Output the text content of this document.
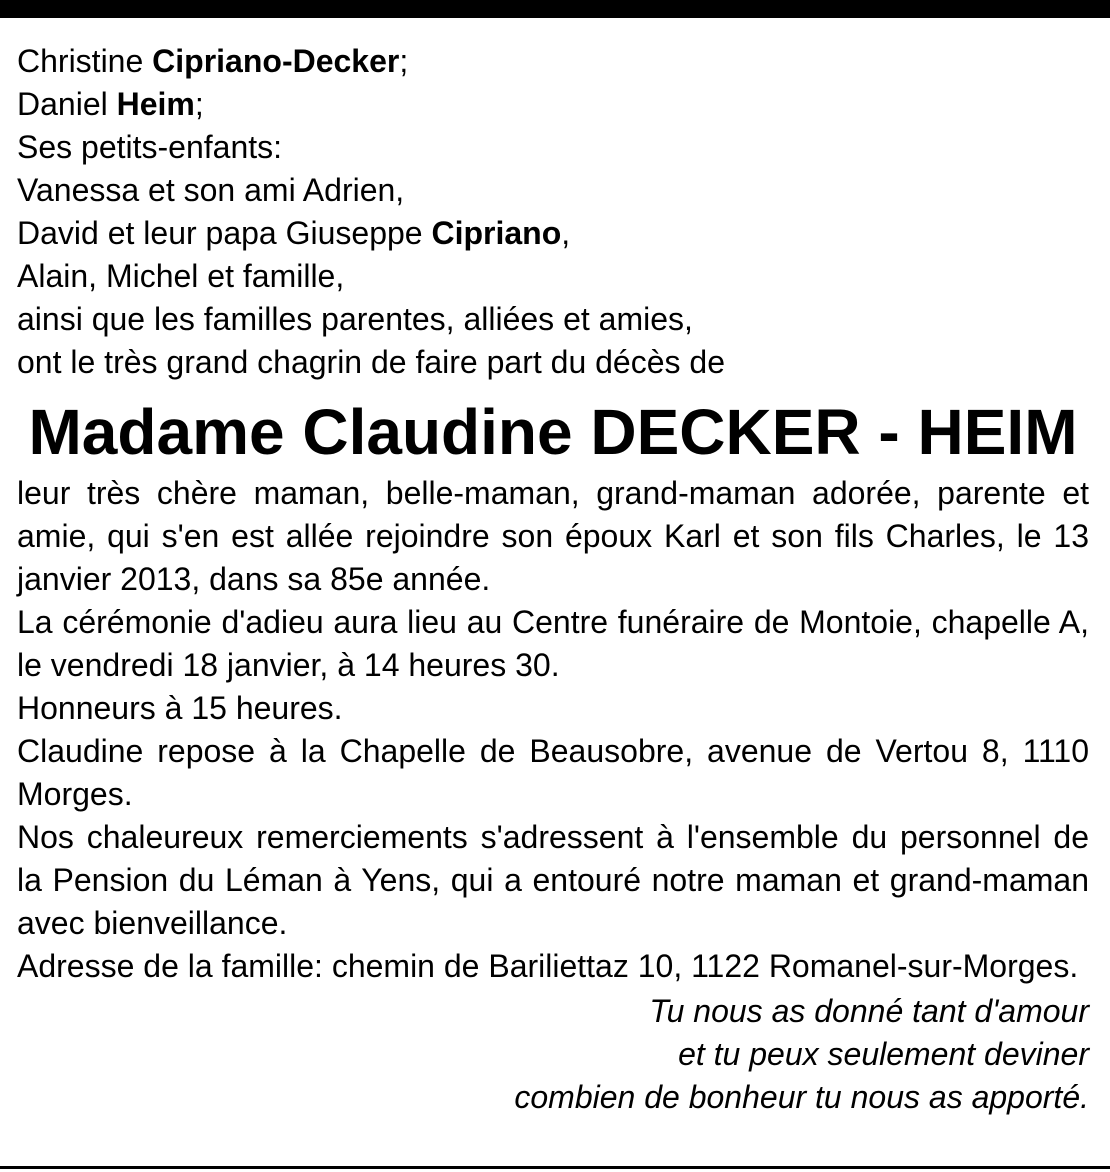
Christine Cipriano-Decker;
Daniel Heim;
Ses petits-enfants:
Vanessa et son ami Adrien,
David et leur papa Giuseppe Cipriano,
Alain, Michel et famille,
ainsi que les familles parentes, alliées et amies,
ont le très grand chagrin de faire part du décès de
Madame Claudine DECKER - HEIM

leur très chère maman, belle-maman, grand-maman adorée, parente et amie, qui s'en est allée rejoindre son époux Karl et son fils Charles, le 13 janvier 2013, dans sa 85e année.

La cérémonie d'adieu aura lieu au Centre funéraire de Montoie, chapelle A, le vendredi 18 janvier, à 14 heures 30.

Honneurs à 15 heures.

Claudine repose à la Chapelle de Beausobre, avenue de Vertou 8, 1110 Morges.

Nos chaleureux remerciements s'adressent à l'ensemble du personnel de la Pension du Léman à Yens, qui a entouré notre maman et grand-maman avec bienveillance.

Adresse de la famille: chemin de Bariliettaz 10, 1122 Romanel-sur-Morges.

Tu nous as donné tant d'amour
et tu peux seulement deviner
combien de bonheur tu nous as apporté.
